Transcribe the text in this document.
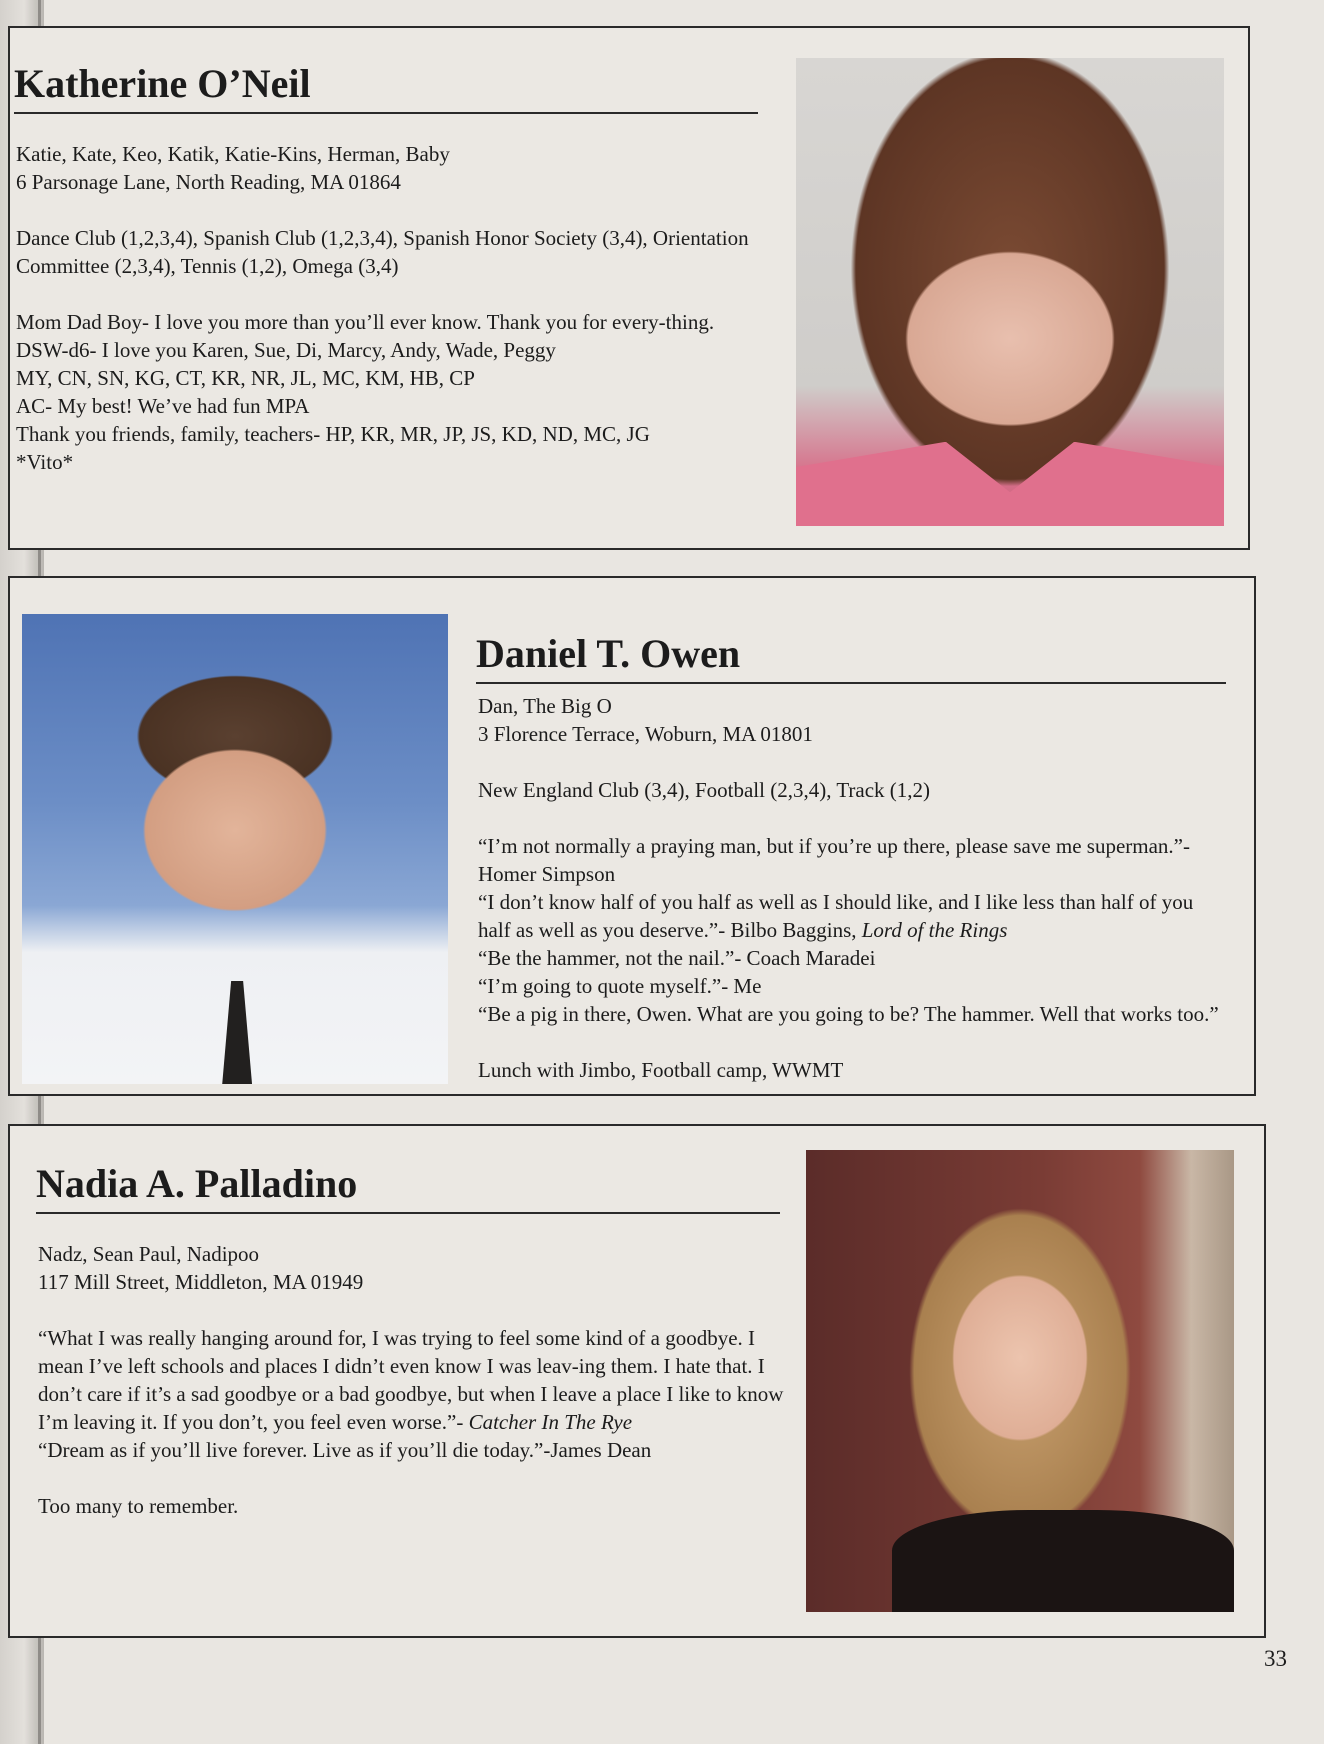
Katherine O’Neil

Katie, Kate, Keo, Katik, Katie-Kins, Herman, Baby

6 Parsonage Lane, North Reading, MA 01864

Dance Club (1,2,3,4), Spanish Club (1,2,3,4), Spanish Honor Society (3,4), Orientation Committee (2,3,4), Tennis (1,2), Omega (3,4)

Mom Dad Boy- I love you more than you’ll ever know. Thank you for every-thing.

DSW-d6- I love you Karen, Sue, Di, Marcy, Andy, Wade, Peggy

MY, CN, SN, KG, CT, KR, NR, JL, MC, KM, HB, CP

AC- My best! We’ve had fun MPA

Thank you friends, family, teachers- HP, KR, MR, JP, JS, KD, ND, MC, JG

*Vito*

Daniel T. Owen

Dan, The Big O

3 Florence Terrace, Woburn, MA 01801

New England Club (3,4), Football (2,3,4), Track (1,2)

“I’m not normally a praying man, but if you’re up there, please save me superman.”- Homer Simpson

“I don’t know half of you half as well as I should like, and I like less than half of you half as well as you deserve.”- Bilbo Baggins, Lord of the Rings

“Be the hammer, not the nail.”- Coach Maradei

“I’m going to quote myself.”- Me

“Be a pig in there, Owen. What are you going to be? The hammer. Well that works too.”

Lunch with Jimbo, Football camp, WWMT

Nadia A. Palladino

Nadz, Sean Paul, Nadipoo

117 Mill Street, Middleton, MA 01949

“What I was really hanging around for, I was trying to feel some kind of a goodbye. I mean I’ve left schools and places I didn’t even know I was leav-ing them. I hate that. I don’t care if it’s a sad goodbye or a bad goodbye, but when I leave a place I like to know I’m leaving it. If you don’t, you feel even worse.”- Catcher In The Rye

“Dream as if you’ll live forever. Live as if you’ll die today.”-James Dean

Too many to remember.

33
